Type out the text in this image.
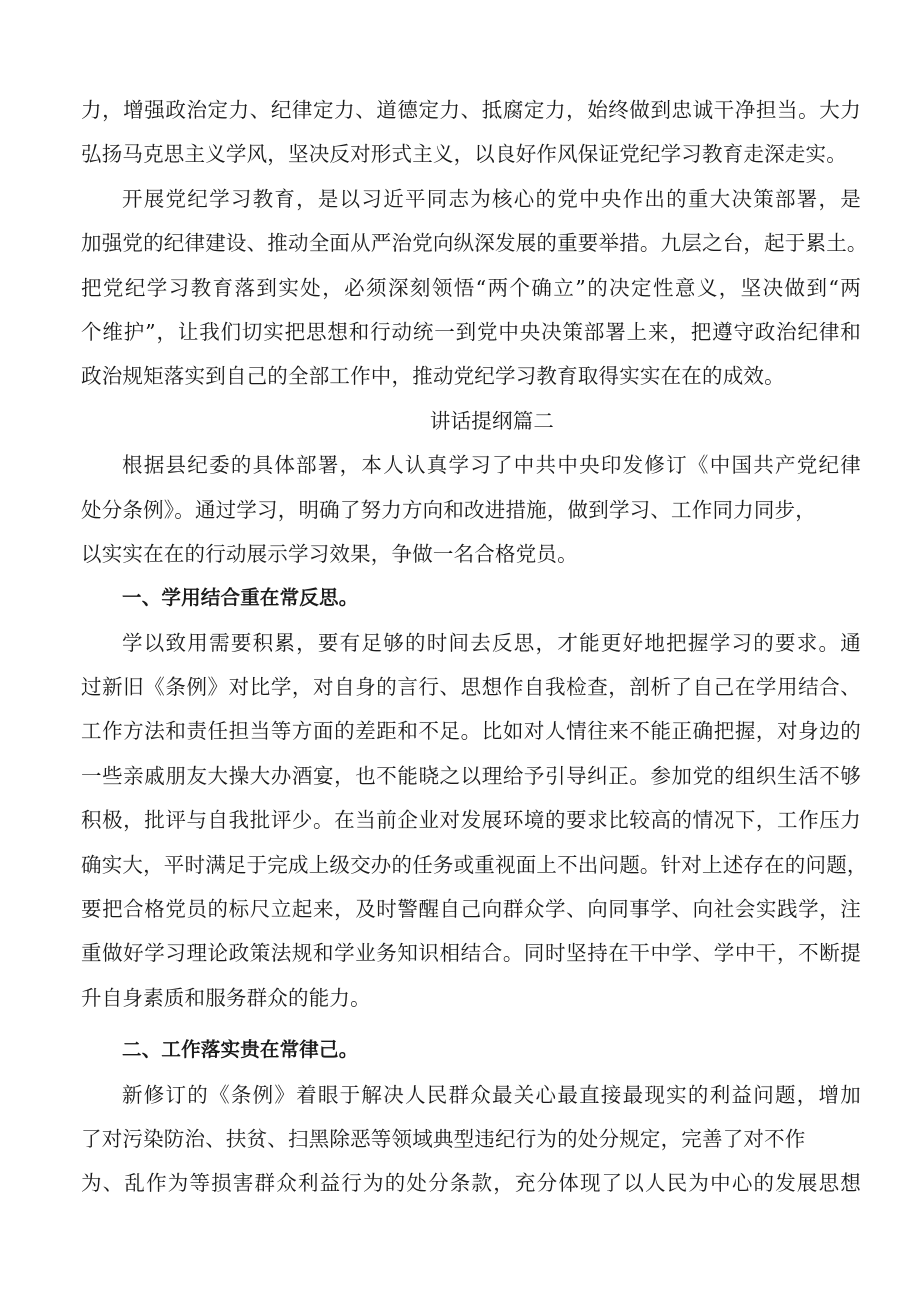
力，增强政治定力、纪律定力、道德定力、抵腐定力，始终做到忠诚干净担当。大力
弘扬马克思主义学风，坚决反对形式主义，以良好作风保证党纪学习教育走深走实。
开展党纪学习教育，是以习近平同志为核心的党中央作出的重大决策部署，是
加强党的纪律建设、推动全面从严治党向纵深发展的重要举措。九层之台，起于累土。
把党纪学习教育落到实处，必须深刻领悟“两个确立”的决定性意义，坚决做到“两
个维护”，让我们切实把思想和行动统一到党中央决策部署上来，把遵守政治纪律和
政治规矩落实到自己的全部工作中，推动党纪学习教育取得实实在在的成效。
讲话提纲篇二
根据县纪委的具体部署，本人认真学习了中共中央印发修订《中国共产党纪律
处分条例》。通过学习，明确了努力方向和改进措施，做到学习、工作同力同步，
以实实在在的行动展示学习效果，争做一名合格党员。
一、学用结合重在常反思。
学以致用需要积累，要有足够的时间去反思，才能更好地把握学习的要求。通
过新旧《条例》对比学，对自身的言行、思想作自我检查，剖析了自己在学用结合、
工作方法和责任担当等方面的差距和不足。比如对人情往来不能正确把握，对身边的
一些亲戚朋友大操大办酒宴，也不能晓之以理给予引导纠正。参加党的组织生活不够
积极，批评与自我批评少。在当前企业对发展环境的要求比较高的情况下，工作压力
确实大，平时满足于完成上级交办的任务或重视面上不出问题。针对上述存在的问题，
要把合格党员的标尺立起来，及时警醒自己向群众学、向同事学、向社会实践学，注
重做好学习理论政策法规和学业务知识相结合。同时坚持在干中学、学中干，不断提
升自身素质和服务群众的能力。
二、工作落实贵在常律己。
新修订的《条例》着眼于解决人民群众最关心最直接最现实的利益问题，增加
了对污染防治、扶贫、扫黑除恶等领域典型违纪行为的处分规定，完善了对不作
为、乱作为等损害群众利益行为的处分条款，充分体现了以人民为中心的发展思想
